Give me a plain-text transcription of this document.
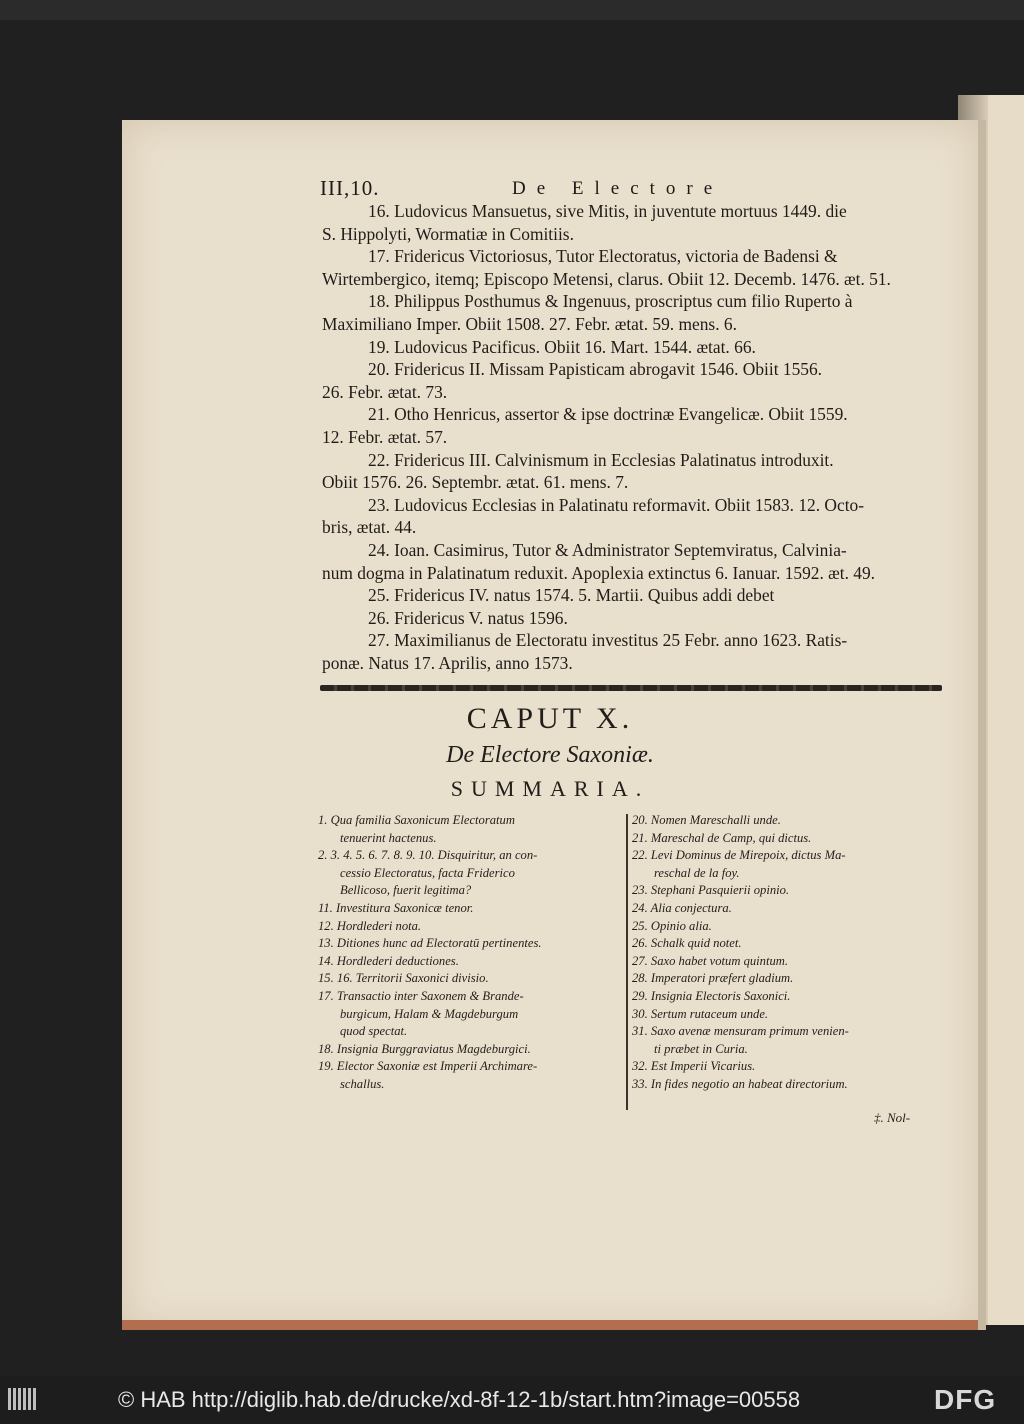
III,10.	De Electore
16. Ludovicus Mansuetus, sive Mitis, in juventute mortuus 1449. die
S. Hippolyti, Wormatiæ in Comitiis.
17. Fridericus Victoriosus, Tutor Electoratus, victoria de Badensi &
Wirtembergico, itemq; Episcopo Metensi, clarus. Obiit 12. Decemb. 1476. æt. 51.
18. Philippus Posthumus & Ingenuus, proscriptus cum filio Ruperto à
Maximiliano Imper. Obiit 1508. 27. Febr. ætat. 59. mens. 6.
19. Ludovicus Pacificus. Obiit 16. Mart. 1544. ætat. 66.
20. Fridericus II. Missam Papisticam abrogavit 1546. Obiit 1556.
26. Febr. ætat. 73.
21. Otho Henricus, assertor & ipse doctrinæ Evangelicæ. Obiit 1559.
12. Febr. ætat. 57.
22. Fridericus III. Calvinismum in Ecclesias Palatinatus introduxit.
Obiit 1576. 26. Septembr. ætat. 61. mens. 7.
23. Ludovicus Ecclesias in Palatinatu reformavit. Obiit 1583. 12. Octo-
bris, ætat. 44.
24. Ioan. Casimirus, Tutor & Administrator Septemviratus, Calvinia-
num dogma in Palatinatum reduxit. Apoplexia extinctus 6. Ianuar. 1592. æt. 49.
25. Fridericus IV. natus 1574. 5. Martii. Quibus addi debet
26. Fridericus V. natus 1596.
27. Maximilianus de Electoratu investitus 25 Febr. anno 1623. Ratis-
ponæ. Natus 17. Aprilis, anno 1573.
CAPUT X.
De Electore Saxoniæ.
SUMMARIA.
1. Qua familia Saxonicum Electoratum
tenuerint hactenus.
2. 3. 4. 5. 6. 7. 8. 9. 10. Disquiritur, an con-
cessio Electoratus, facta Friderico
Bellicoso, fuerit legitima?
11. Investitura Saxonicæ tenor.
12. Hordlederi nota.
13. Ditiones hunc ad Electoratū pertinentes.
14. Hordlederi deductiones.
15. 16. Territorii Saxonici divisio.
17. Transactio inter Saxonem & Brande-
burgicum, Halam & Magdeburgum
quod spectat.
18. Insignia Burggraviatus Magdeburgici.
19. Elector Saxoniæ est Imperii Archimare-
schallus.
20. Nomen Mareschalli unde.
21. Mareschal de Camp, qui dictus.
22. Levi Dominus de Mirepoix, dictus Ma-
reschal de la foy.
23. Stephani Pasquierii opinio.
24. Alia conjectura.
25. Opinio alia.
26. Schalk quid notet.
27. Saxo habet votum quintum.
28. Imperatori præfert gladium.
29. Insignia Electoris Saxonici.
30. Sertum rutaceum unde.
31. Saxo avenæ mensuram primum venien-
ti præbet in Curia.
32. Est Imperii Vicarius.
33. In fides negotio an habeat directorium.
‡. Nol-
© HAB http://diglib.hab.de/drucke/xd-8f-12-1b/start.htm?image=00558	DFG
